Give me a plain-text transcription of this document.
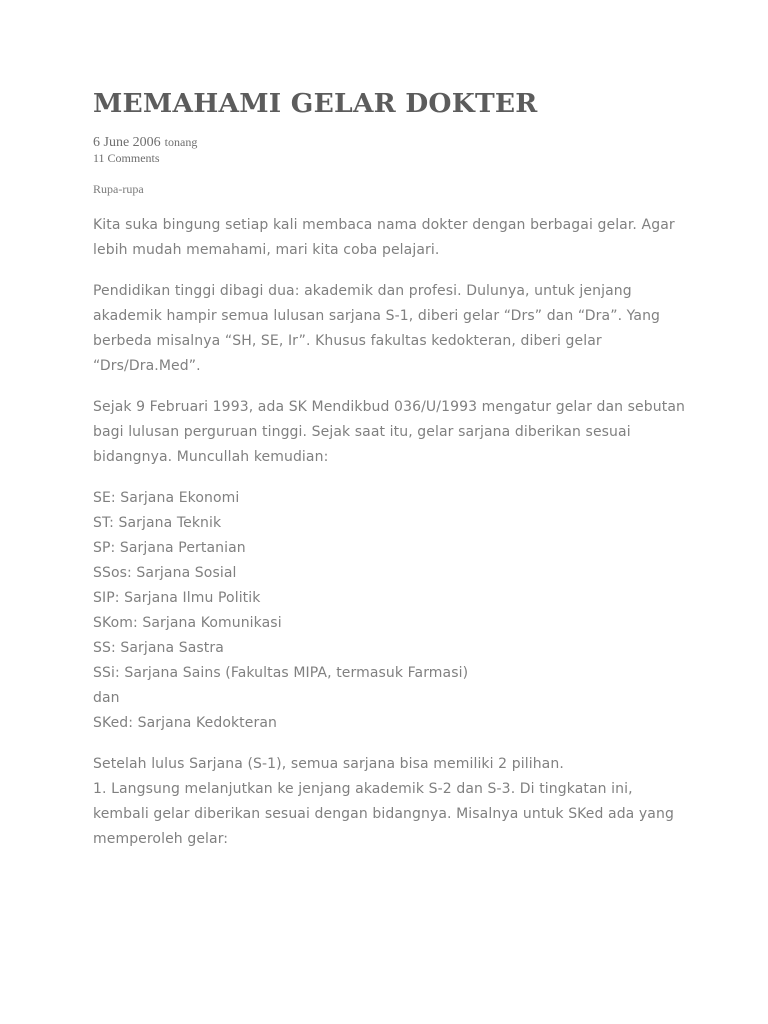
MEMAHAMI GELAR DOKTER
6 June 2006 tonang
11 Comments
Rupa-rupa

Kita suka bingung setiap kali membaca nama dokter dengan berbagai gelar. Agar
lebih mudah memahami, mari kita coba pelajari.

Pendidikan tinggi dibagi dua: akademik dan profesi. Dulunya, untuk jenjang
akademik hampir semua lulusan sarjana S-1, diberi gelar “Drs” dan “Dra”. Yang
berbeda misalnya “SH, SE, Ir”. Khusus fakultas kedokteran, diberi gelar
“Drs/Dra.Med”.

Sejak 9 Februari 1993, ada SK Mendikbud 036/U/1993 mengatur gelar dan sebutan
bagi lulusan perguruan tinggi. Sejak saat itu, gelar sarjana diberikan sesuai
bidangnya. Muncullah kemudian:

SE: Sarjana Ekonomi
ST: Sarjana Teknik
SP: Sarjana Pertanian
SSos: Sarjana Sosial
SIP: Sarjana Ilmu Politik
SKom: Sarjana Komunikasi
SS: Sarjana Sastra
SSi: Sarjana Sains (Fakultas MIPA, termasuk Farmasi)
dan
SKed: Sarjana Kedokteran

Setelah lulus Sarjana (S-1), semua sarjana bisa memiliki 2 pilihan.
1. Langsung melanjutkan ke jenjang akademik S-2 dan S-3. Di tingkatan ini,
kembali gelar diberikan sesuai dengan bidangnya. Misalnya untuk SKed ada yang
memperoleh gelar:
